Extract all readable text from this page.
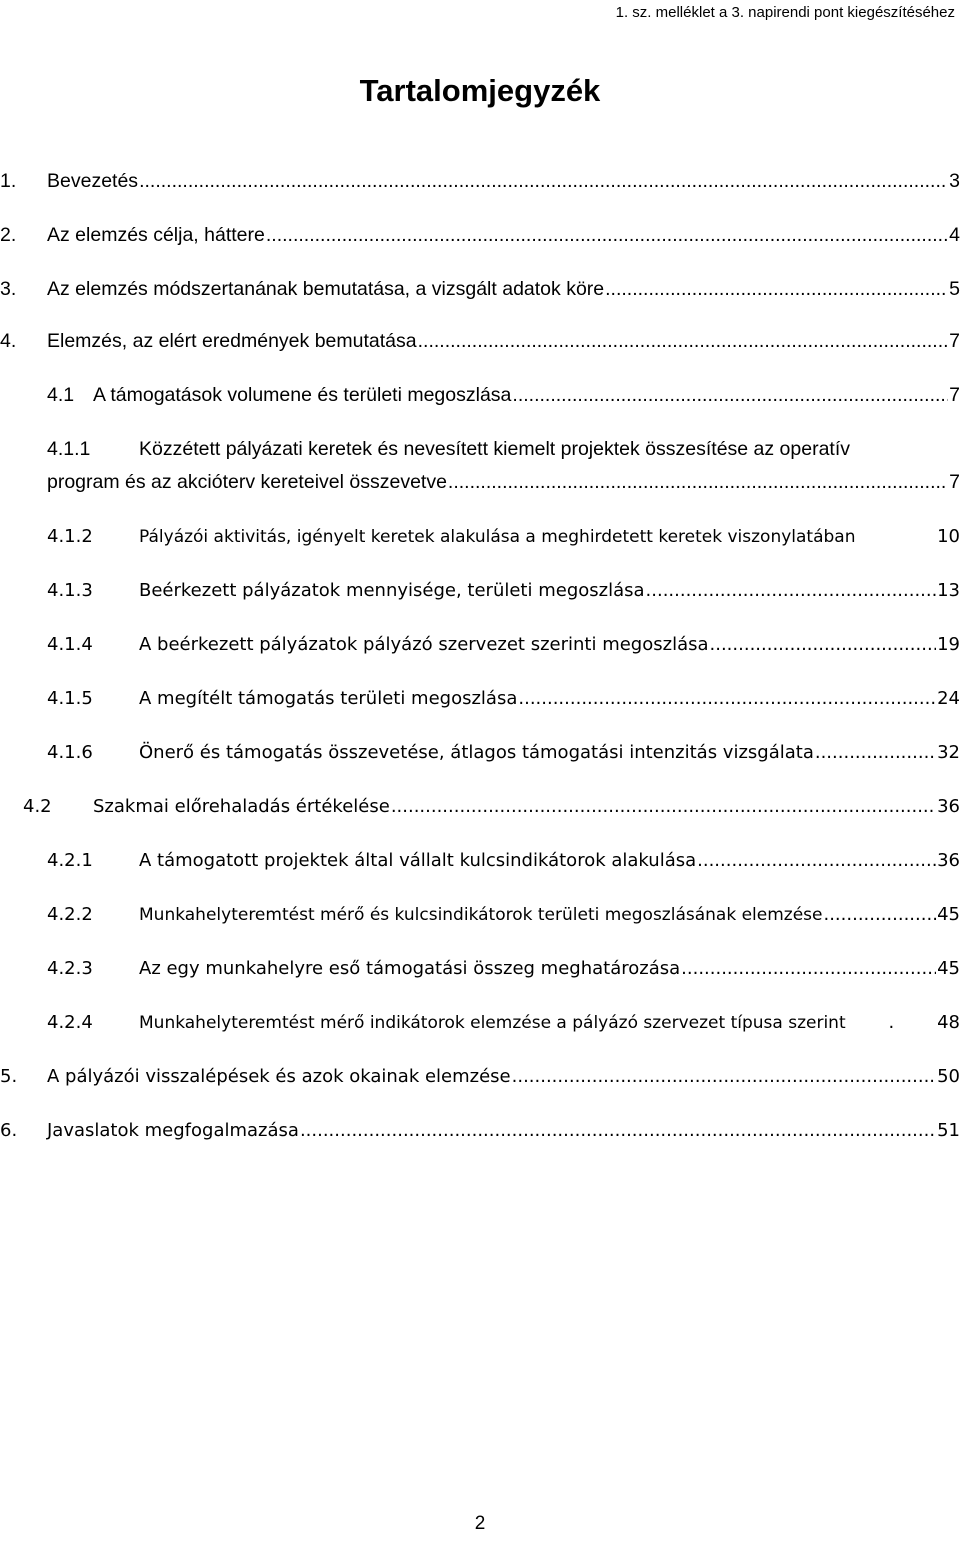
1. sz. melléklet a 3. napirendi pont kiegészítéséhez
Tartalomjegyzék
1. Bevezetés .....	3
2. Az elemzés célja, háttere .....	4
3. Az elemzés módszertanának bemutatása, a vizsgált adatok köre .....	5
4. Elemzés, az elért eredmények bemutatása .....	7
4.1 A támogatások volumene és területi megoszlása .....	7
4.1.1 Közzétett pályázati keretek és nevesített kiemelt projektek összesítése az operatív
program és az akcióterv kereteivel összevetve .....	7
4.1.2	Pályázói aktivitás, igényelt keretek alakulása a meghirdetett keretek viszonylatában	10
4.1.3	Beérkezett pályázatok mennyisége, területi megoszlása .....	13
4.1.4	A beérkezett pályázatok pályázó szervezet szerinti megoszlása .....	19
4.1.5	A megítélt támogatás területi megoszlása .....	24
4.1.6	Önerő és támogatás összevetése, átlagos támogatási intenzitás vizsgálata .....	32
4.2 Szakmai előrehaladás értékelése .....	36
4.2.1	A támogatott projektek által vállalt kulcsindikátorok alakulása .....	36
4.2.2	Munkahelyteremtést mérő és kulcsindikátorok területi megoszlásának elemzése .....	45
4.2.3	Az egy munkahelyre eső támogatási összeg meghatározása .....	45
4.2.4	Munkahelyteremtést mérő indikátorok elemzése a pályázó szervezet típusa szerint	.	48
5. A pályázói visszalépések és azok okainak elemzése .....	50
6. Javaslatok megfogalmazása .....	51
2
